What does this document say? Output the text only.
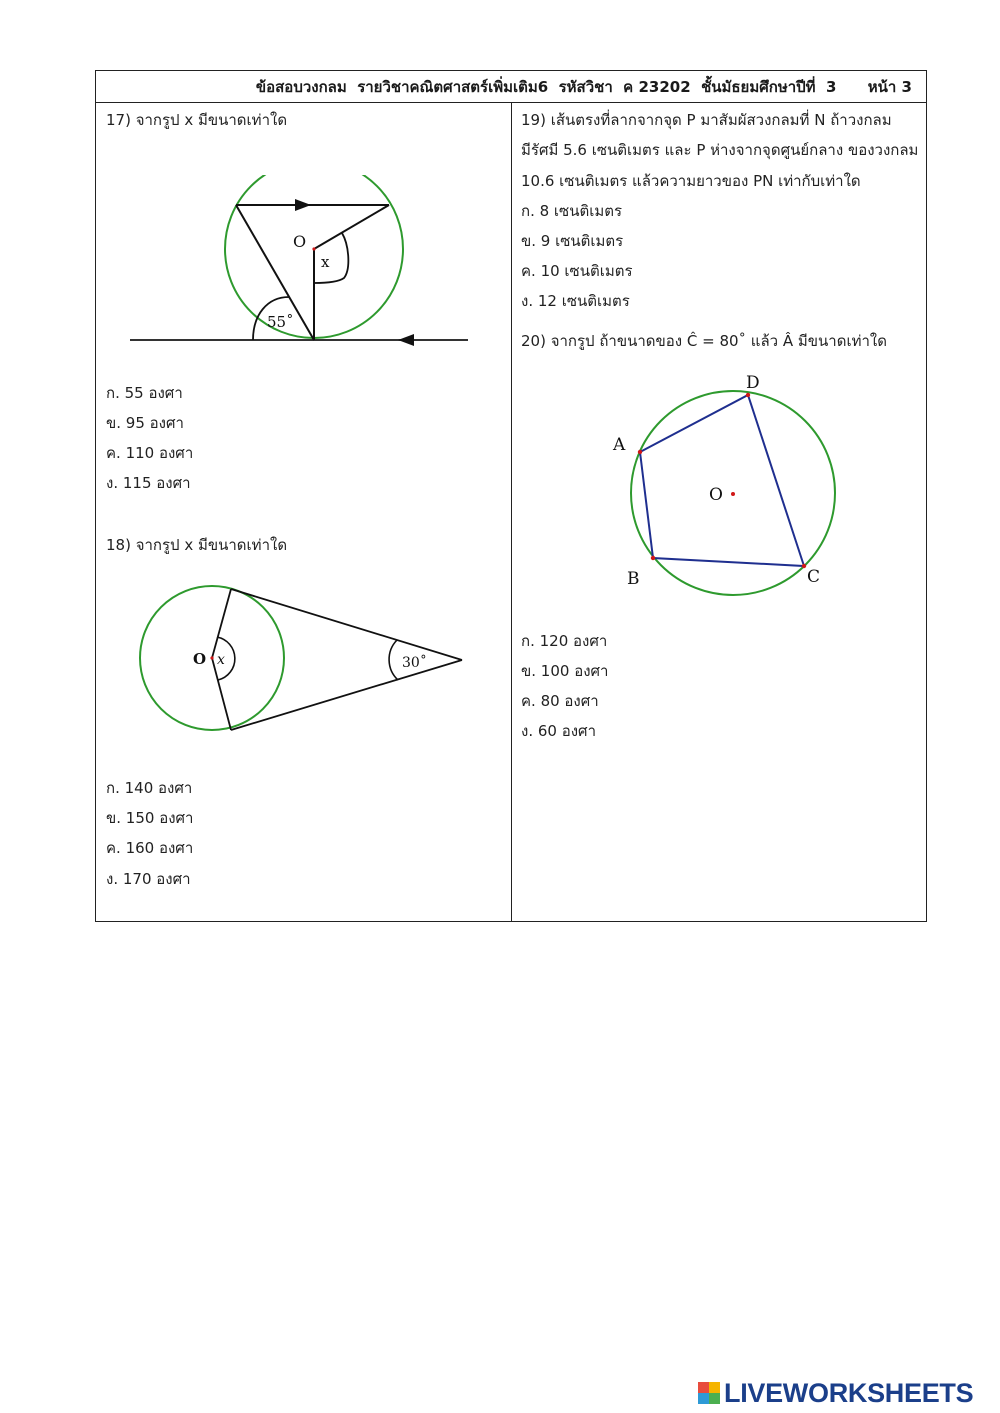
ข้อสอบวงกลม  รายวิชาคณิตศาสตร์เพิ่มเติม6  รหัสวิชา  ค 23202  ชั้นมัธยมศึกษาปีที่  3      หน้า 3
17) จากรูป x มีขนาดเท่าใด
O
x
55˚
ก. 55 องศา
ข. 95 องศา
ค. 110 องศา
ง. 115 องศา
18) จากรูป x มีขนาดเท่าใด
O x	30˚
ก. 140 องศา
ข. 150 องศา
ค. 160 องศา
ง. 170 องศา
19) เส้นตรงที่ลากจากจุด P มาสัมผัสวงกลมที่ N ถ้าวงกลม
มีรัศมี 5.6 เซนติเมตร และ P ห่างจากจุดศูนย์กลาง ของวงกลม
10.6 เซนติเมตร แล้วความยาวของ PN เท่ากับเท่าใด
ก. 8 เซนติเมตร
ข. 9 เซนติเมตร
ค. 10 เซนติเมตร
ง. 12 เซนติเมตร
20) จากรูป ถ้าขนาดของ Ĉ = 80˚ แล้ว Â มีขนาดเท่าใด
A
D
C
B
O
ก. 120 องศา
ข. 100 องศา
ค. 80 องศา
ง. 60 องศา
LIVEWORKSHEETS
